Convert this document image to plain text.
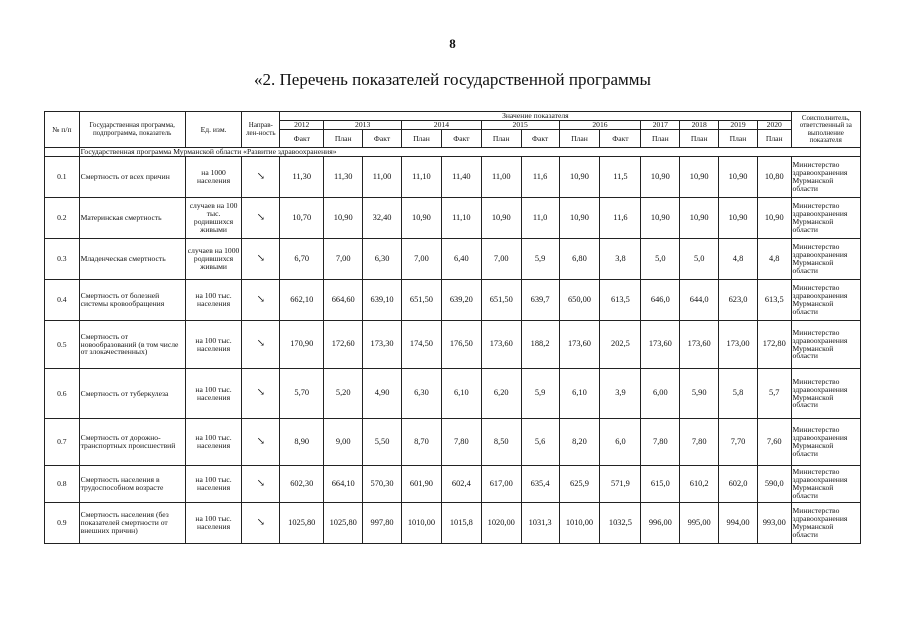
8
«2. Перечень показателей государственной программы
№ п/п	Государственная программа, подпрограмма, показатель	Ед. изм.	Направ-лен-ность	Значение показателя													Соисполнитель, ответственный за выполнение показателя
				2012	2013		2014		2015		2016		2017	2018	2019	2020	
				Факт	План	Факт	План	Факт	План	Факт	План	Факт	План	План	План	План	
	Государственная программа Мурманской области «Развитие здравоохранения»																
0.1	Смертность от всех причин	на 1000 населения	↘	11,30	11,30	11,00	11,10	11,40	11,00	11,6	10,90	11,5	10,90	10,90	10,90	10,80	Министерство здравоохранения Мурманской области
0.2	Материнская смертность	случаев на 100 тыс. родившихся живыми	↘	10,70	10,90	32,40	10,90	11,10	10,90	11,0	10,90	11,6	10,90	10,90	10,90	10,90	Министерство здравоохранения Мурманской области
0.3	Младенческая смертность	случаев на 1000 родившихся живыми	↘	6,70	7,00	6,30	7,00	6,40	7,00	5,9	6,80	3,8	5,0	5,0	4,8	4,8	Министерство здравоохранения Мурманской области
0.4	Смертность от болезней системы кровообращения	на 100 тыс. населения	↘	662,10	664,60	639,10	651,50	639,20	651,50	639,7	650,00	613,5	646,0	644,0	623,0	613,5	Министерство здравоохранения Мурманской области
0.5	Смертность от новообразований (в том числе от злокачественных)	на 100 тыс. населения	↘	170,90	172,60	173,30	174,50	176,50	173,60	188,2	173,60	202,5	173,60	173,60	173,00	172,80	Министерство здравоохранения Мурманской области
0.6	Смертность от туберкулеза	на 100 тыс. населения	↘	5,70	5,20	4,90	6,30	6,10	6,20	5,9	6,10	3,9	6,00	5,90	5,8	5,7	Министерство здравоохранения Мурманской области
0.7	Смертность от дорожно-транспортных происшествий	на 100 тыс. населения	↘	8,90	9,00	5,50	8,70	7,80	8,50	5,6	8,20	6,0	7,80	7,80	7,70	7,60	Министерство здравоохранения Мурманской области
0.8	Смертность населения в трудоспособном возрасте	на 100 тыс. населения	↘	602,30	664,10	570,30	601,90	602,4	617,00	635,4	625,9	571,9	615,0	610,2	602,0	590,0	Министерство здравоохранения Мурманской области
0.9	Смертность населения (без показателей смертности от внешних причин)	на 100 тыс. населения	↘	1025,80	1025,80	997,80	1010,00	1015,8	1020,00	1031,3	1010,00	1032,5	996,00	995,00	994,00	993,00	Министерство здравоохранения Мурманской области
